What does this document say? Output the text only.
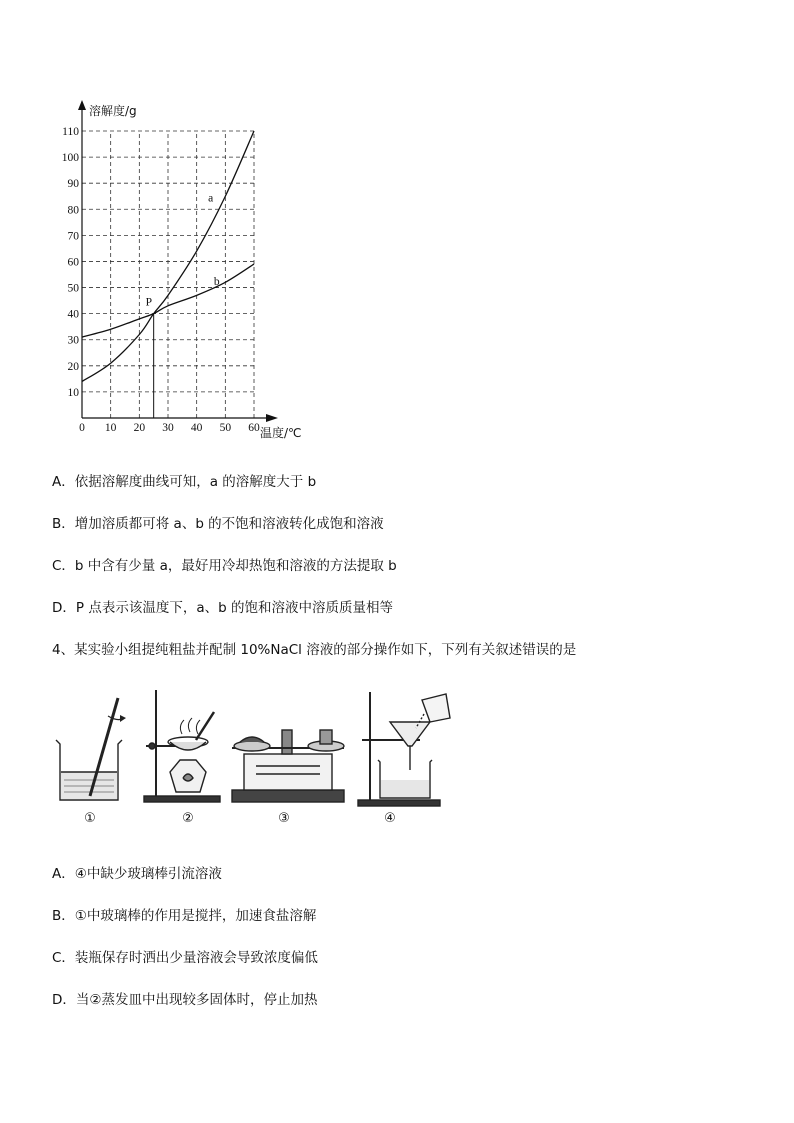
10
20
30
40
50
60
70
80
90
100
110
0 10 20 30 40 50 60
P
a
b
溶解度/g
温度/℃
A．依据溶解度曲线可知，a 的溶解度大于 b
B．增加溶质都可将 a、b 的不饱和溶液转化成饱和溶液
C．b 中含有少量 a，最好用冷却热饱和溶液的方法提取 b
D．P 点表示该温度下，a、b 的饱和溶液中溶质质量相等
4、某实验小组提纯粗盐并配制 10%NaCl 溶液的部分操作如下，下列有关叙述错误的是
①	②	③	④
A．④中缺少玻璃棒引流溶液
B．①中玻璃棒的作用是搅拌，加速食盐溶解
C．装瓶保存时洒出少量溶液会导致浓度偏低
D．当②蒸发皿中出现较多固体时，停止加热
